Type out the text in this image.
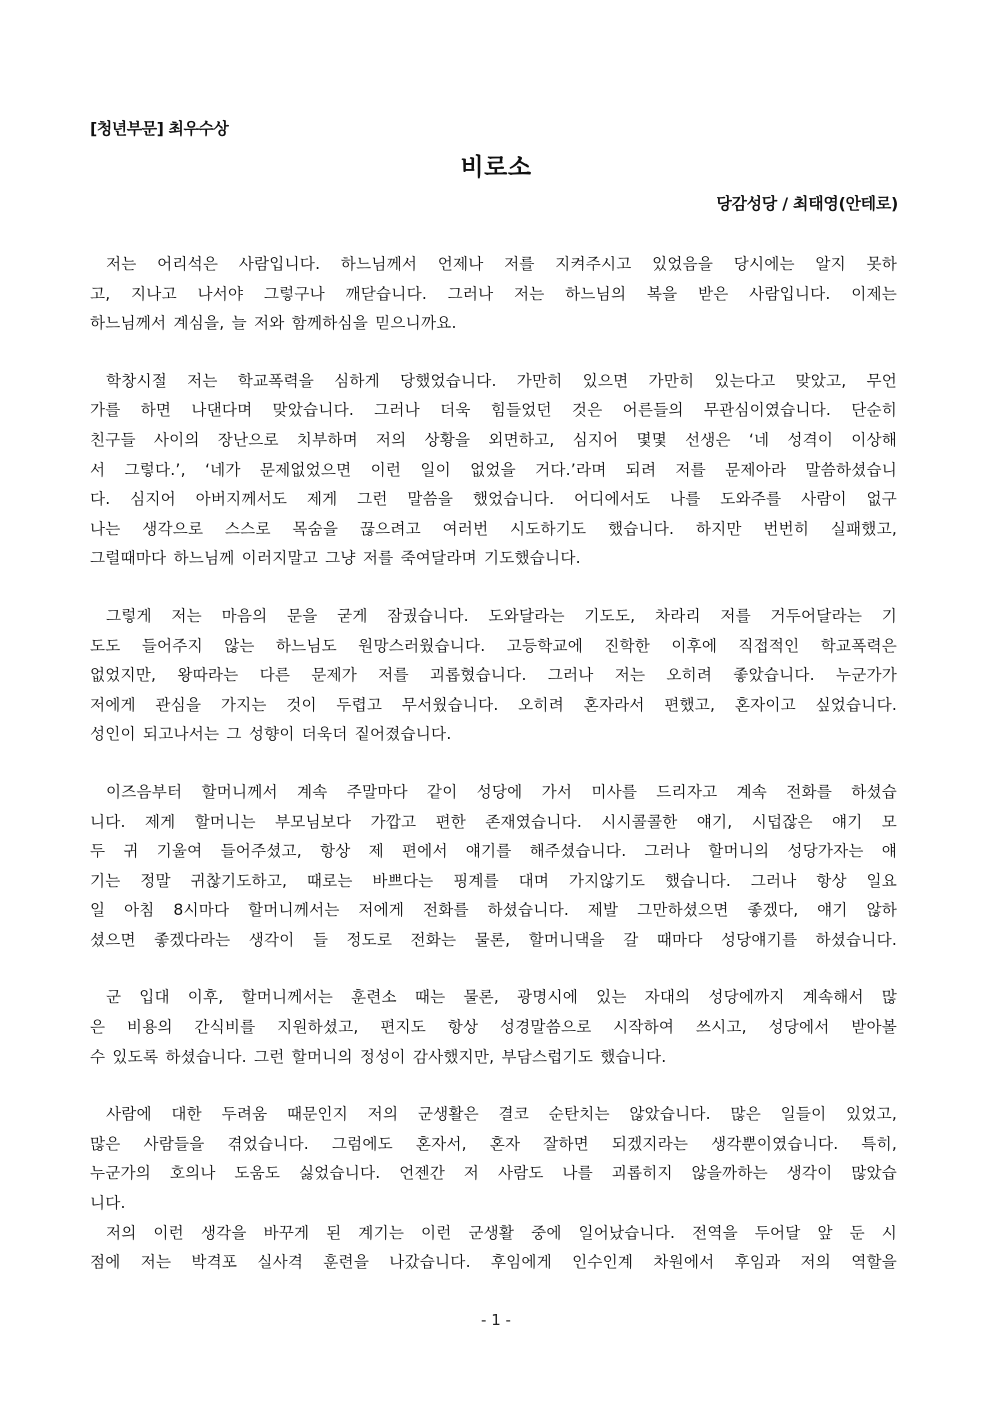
[청년부문] 최우수상
비로소
당감성당 / 최태영(안테로)
저는 어리석은 사람입니다. 하느님께서 언제나 저를 지켜주시고 있었음을 당시에는 알지 못하
고, 지나고 나서야 그렇구나 깨닫습니다. 그러나 저는 하느님의 복을 받은 사람입니다. 이제는
하느님께서 계심을, 늘 저와 함께하심을 믿으니까요.
학창시절 저는 학교폭력을 심하게 당했었습니다. 가만히 있으면 가만히 있는다고 맞았고, 무언
가를 하면 나댄다며 맞았습니다. 그러나 더욱 힘들었던 것은 어른들의 무관심이였습니다. 단순히
친구들 사이의 장난으로 치부하며 저의 상황을 외면하고, 심지어 몇몇 선생은 ‘네 성격이 이상해
서 그렇다.’, ‘네가 문제없었으면 이런 일이 없었을 거다.’라며 되려 저를 문제아라 말씀하셨습니
다. 심지어 아버지께서도 제게 그런 말씀을 했었습니다. 어디에서도 나를 도와주를 사람이 없구
나는 생각으로 스스로 목숨을 끊으려고 여러번 시도하기도 했습니다. 하지만 번번히 실패했고,
그럴때마다 하느님께 이러지말고 그냥 저를 죽여달라며 기도했습니다.
그렇게 저는 마음의 문을 굳게 잠궜습니다. 도와달라는 기도도, 차라리 저를 거두어달라는 기
도도 들어주지 않는 하느님도 원망스러웠습니다. 고등학교에 진학한 이후에 직접적인 학교폭력은
없었지만, 왕따라는 다른 문제가 저를 괴롭혔습니다. 그러나 저는 오히려 좋았습니다. 누군가가
저에게 관심을 가지는 것이 두렵고 무서웠습니다. 오히려 혼자라서 편했고, 혼자이고 싶었습니다.
성인이 되고나서는 그 성향이 더욱더 짙어졌습니다.
이즈음부터 할머니께서 계속 주말마다 같이 성당에 가서 미사를 드리자고 계속 전화를 하셨습
니다. 제게 할머니는 부모님보다 가깝고 편한 존재였습니다. 시시콜콜한 얘기, 시덥잖은 얘기 모
두 귀 기울여 들어주셨고, 항상 제 편에서 얘기를 해주셨습니다. 그러나 할머니의 성당가자는 얘
기는 정말 귀찮기도하고, 때로는 바쁘다는 핑계를 대며 가지않기도 했습니다. 그러나 항상 일요
일 아침 8시마다 할머니께서는 저에게 전화를 하셨습니다. 제발 그만하셨으면 좋겠다, 얘기 않하
셨으면 좋겠다라는 생각이 들 정도로 전화는 물론, 할머니댁을 갈 때마다 성당얘기를 하셨습니다.
군 입대 이후, 할머니께서는 훈련소 때는 물론, 광명시에 있는 자대의 성당에까지 계속해서 많
은 비용의 간식비를 지원하셨고, 편지도 항상 성경말씀으로 시작하여 쓰시고, 성당에서 받아볼
수 있도록 하셨습니다. 그런 할머니의 정성이 감사했지만, 부담스럽기도 했습니다.
사람에 대한 두려움 때문인지 저의 군생활은 결코 순탄치는 않았습니다. 많은 일들이 있었고,
많은 사람들을 겪었습니다. 그럼에도 혼자서, 혼자 잘하면 되겠지라는 생각뿐이였습니다. 특히,
누군가의 호의나 도움도 싫었습니다. 언젠간 저 사람도 나를 괴롭히지 않을까하는 생각이 많았습
니다.
저의 이런 생각을 바꾸게 된 계기는 이런 군생활 중에 일어났습니다. 전역을 두어달 앞 둔 시
점에 저는 박격포 실사격 훈련을 나갔습니다. 후임에게 인수인계 차원에서 후임과 저의 역할을
- 1 -
